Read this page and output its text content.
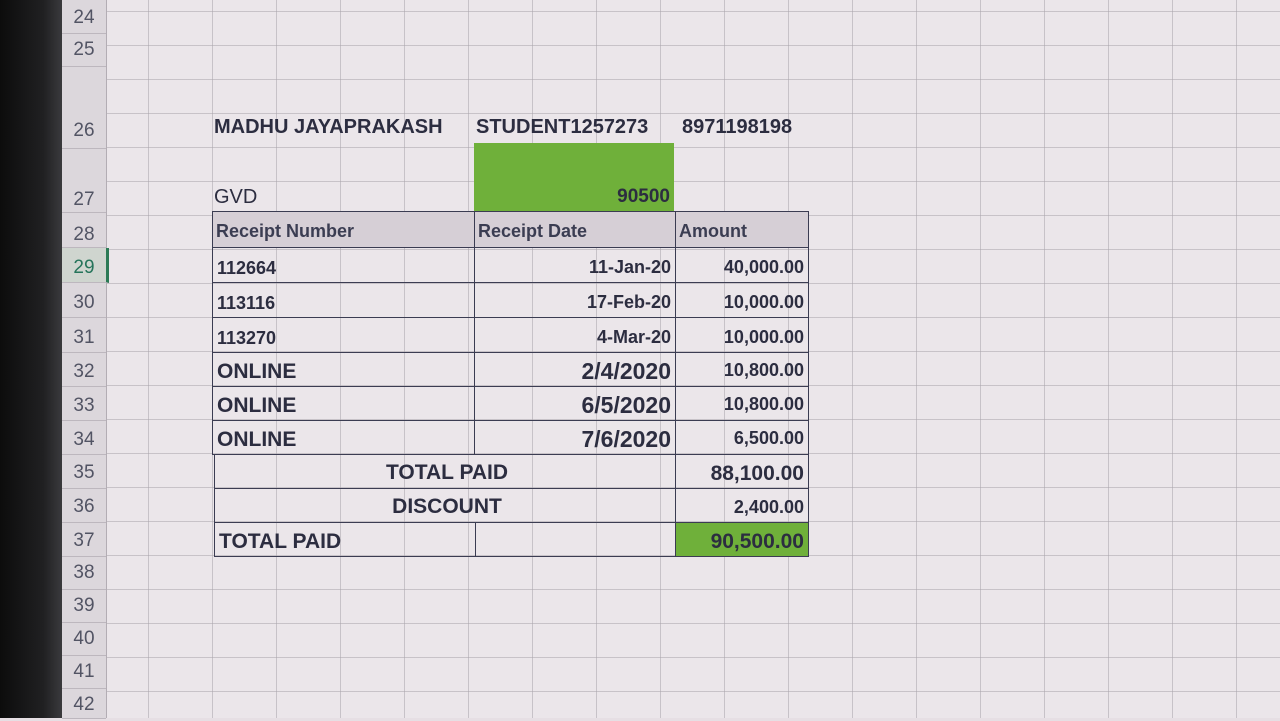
24
25
26
27
28
29
30
31
32
33
34
35
36
37
38
39
40
41
42
MADHU JAYAPRAKASH	STUDENT1257273	8971198198
GVD	90500
Receipt Number	Receipt Date	Amount
112664	11-Jan-20	40,000.00
113116	17-Feb-20	10,000.00
113270	4-Mar-20	10,000.00
ONLINE	2/4/2020	10,800.00
ONLINE	6/5/2020	10,800.00
ONLINE	7/6/2020	6,500.00
TOTAL PAID	88,100.00
DISCOUNT	2,400.00
TOTAL PAID	90,500.00
